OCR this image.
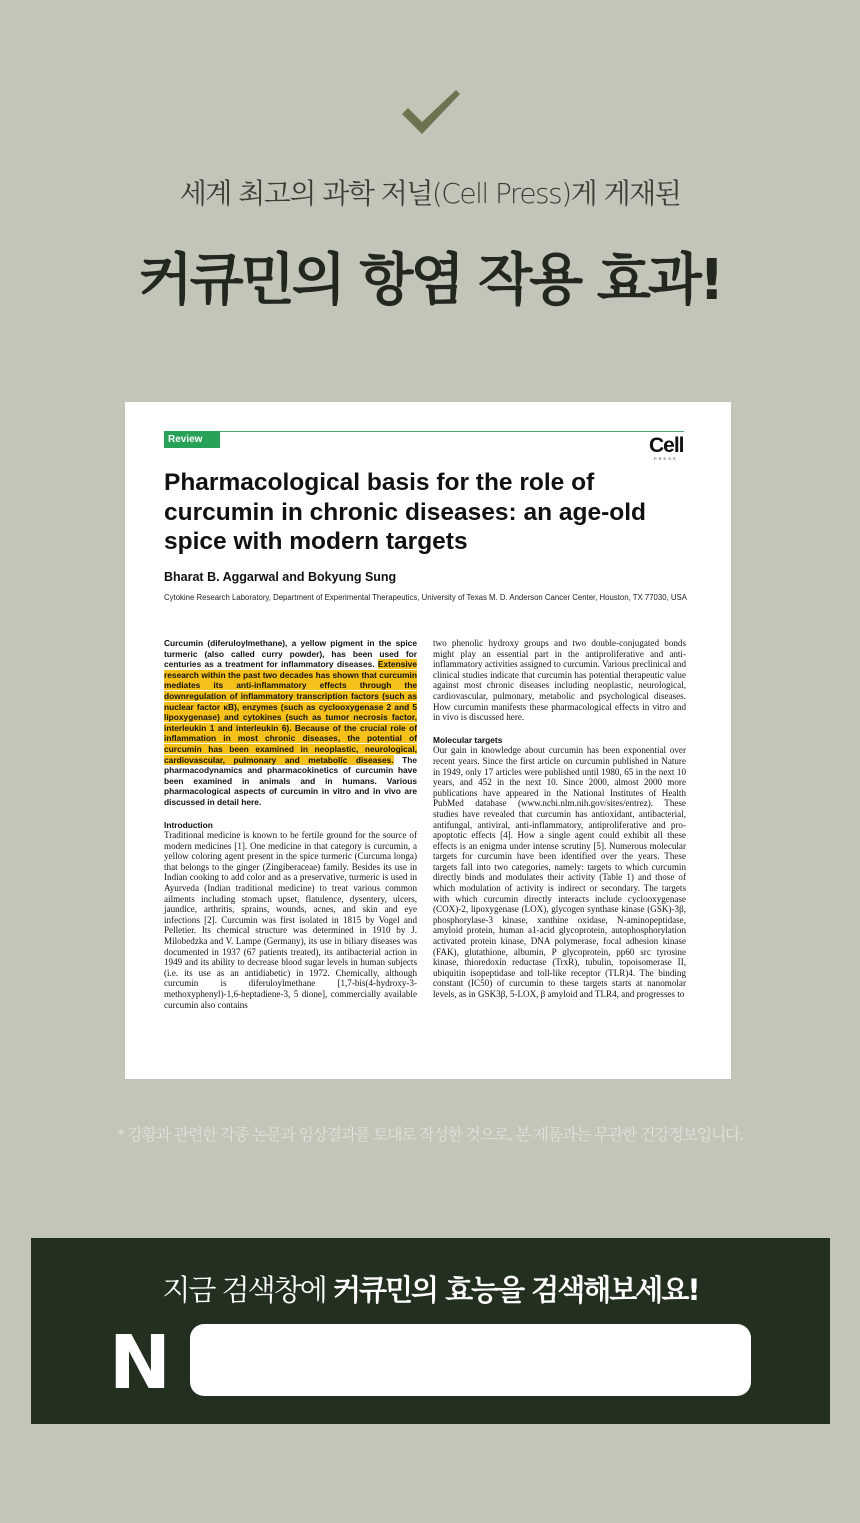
세계 최고의 과학 저널(Cell Press)게 게재된
커큐민의 항염 작용 효과!
Review	Cell
PRESS
Pharmacological basis for the role of curcumin in chronic diseases: an age-old spice with modern targets
Bharat B. Aggarwal and Bokyung Sung
Cytokine Research Laboratory, Department of Experimental Therapeutics, University of Texas M. D. Anderson Cancer Center, Houston, TX 77030, USA

Curcumin (diferuloylmethane), a yellow pigment in the spice turmeric (also called curry powder), has been used for centuries as a treatment for inflammatory diseases. Extensive research within the past two decades has shown that curcumin mediates its anti-inflammatory effects through the downregulation of inflammatory transcription factors (such as nuclear factor κB), enzymes (such as cyclooxygenase 2 and 5 lipoxygenase) and cytokines (such as tumor necrosis factor, interleukin 1 and interleukin 6). Because of the crucial role of inflammation in most chronic diseases, the potential of curcumin has been examined in neoplastic, neurological, cardiovascular, pulmonary and metabolic diseases. The pharmacodynamics and pharmacokinetics of curcumin have been examined in animals and in humans. Various pharmacological aspects of curcumin in vitro and in vivo are discussed in detail here.

Introduction

Traditional medicine is known to be fertile ground for the source of modern medicines [1]. One medicine in that category is curcumin, a yellow coloring agent present in the spice turmeric (Curcuma longa) that belongs to the ginger (Zingiberaceae) family. Besides its use in Indian cooking to add color and as a preservative, turmeric is used in Ayurveda (Indian traditional medicine) to treat various common ailments including stomach upset, flatulence, dysentery, ulcers, jaundice, arthritis, sprains, wounds, acnes, and skin and eye infections [2]. Curcumin was first isolated in 1815 by Vogel and Pelletier. Its chemical structure was determined in 1910 by J. Milobedzka and V. Lampe (Germany), its use in biliary diseases was documented in 1937 (67 patients treated), its antibacterial action in 1949 and its ability to decrease blood sugar levels in human subjects (i.e. its use as an antidiabetic) in 1972. Chemically, although curcumin is diferuloylmethane [1,7-bis(4-hydroxy-3-methoxyphenyl)-1,6-heptadiene-3, 5 dione], commercially available curcumin also contains

two phenolic hydroxy groups and two double-conjugated bonds might play an essential part in the antiproliferative and anti-inflammatory activities assigned to curcumin. Various preclinical and clinical studies indicate that curcumin has potential therapeutic value against most chronic diseases including neoplastic, neurological, cardiovascular, pulmonary, metabolic and psychological diseases. How curcumin manifests these pharmacological effects in vitro and in vivo is discussed here.

Molecular targets

Our gain in knowledge about curcumin has been exponential over recent years. Since the first article on curcumin published in Nature in 1949, only 17 articles were published until 1980, 65 in the next 10 years, and 452 in the next 10. Since 2000, almost 2000 more publications have appeared in the National Institutes of Health PubMed database (www.ncbi.nlm.nih.gov/sites/entrez). These studies have revealed that curcumin has antioxidant, antibacterial, antifungal, antiviral, anti-inflammatory, antiproliferative and pro-apoptotic effects [4]. How a single agent could exhibit all these effects is an enigma under intense scrutiny [5]. Numerous molecular targets for curcumin have been identified over the years. These targets fall into two categories, namely: targets to which curcumin directly binds and modulates their activity (Table 1) and those of which modulation of activity is indirect or secondary. The targets with which curcumin directly interacts include cyclooxygenase (COX)-2, lipoxygenase (LOX), glycogen synthase kinase (GSK)-3β, phosphorylase-3 kinase, xanthine oxidase, N-aminopeptidase, amyloid protein, human a1-acid glycoprotein, autophosphorylation activated protein kinase, DNA polymerase, focal adhesion kinase (FAK), glutathione, albumin, P glycoprotein, pp60 src tyrosine kinase, thioredoxin reductase (TrxR), tubulin, topoisomerase II, ubiquitin isopeptidase and toll-like receptor (TLR)4. The binding constant (IC50) of curcumin to these targets starts at nanomolar levels, as in GSK3β, 5-LOX, β amyloid and TLR4, and progresses to

* 강황과 관련한 각종 논문과 임상결과를 토대로 작성한 것으로, 본 제품과는 무관한 건강정보입니다.
지금 검색창에 커큐민의 효능을 검색해보세요!
N
